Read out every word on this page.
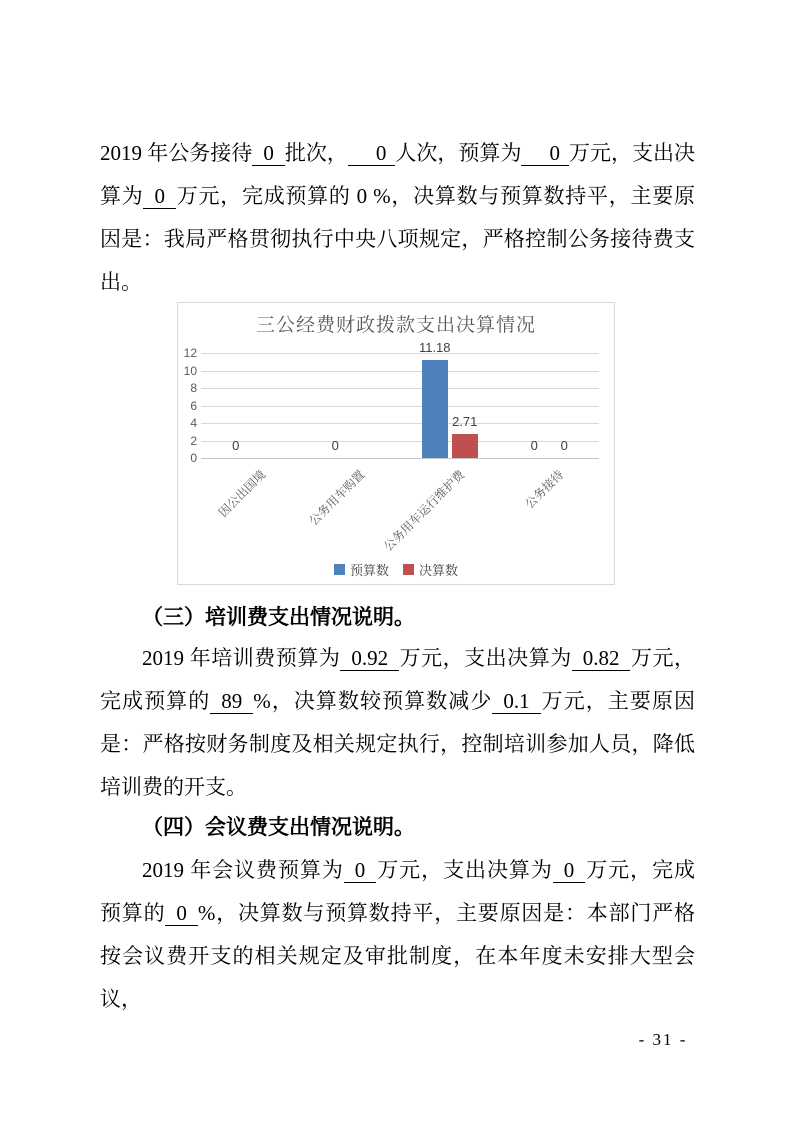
2019 年公务接待 0 批次， 0 人次，预算为 0 万元，支出决算为 0 万元，完成预算的 0 %，决算数与预算数持平，主要原因是：我局严格贯彻执行中央八项规定，严格控制公务接待费支出。

三公经费财政拨款支出决算情况
0
2
4
6
8
10
12
0
因公出国境
0
公务用车购置
11.18
2.71
公务用车运行维护费
0	0
公务接待
预算数 决算数

（三）培训费支出情况说明。

2019 年培训费预算为 0.92 万元，支出决算为 0.82 万元，完成预算的 89 %，决算数较预算数减少 0.1 万元，主要原因是：严格按财务制度及相关规定执行，控制培训参加人员，降低培训费的开支。

（四）会议费支出情况说明。

2019 年会议费预算为 0 万元，支出决算为 0 万元，完成预算的 0 %，决算数与预算数持平，主要原因是：本部门严格按会议费开支的相关规定及审批制度，在本年度未安排大型会议，

- 31 -
